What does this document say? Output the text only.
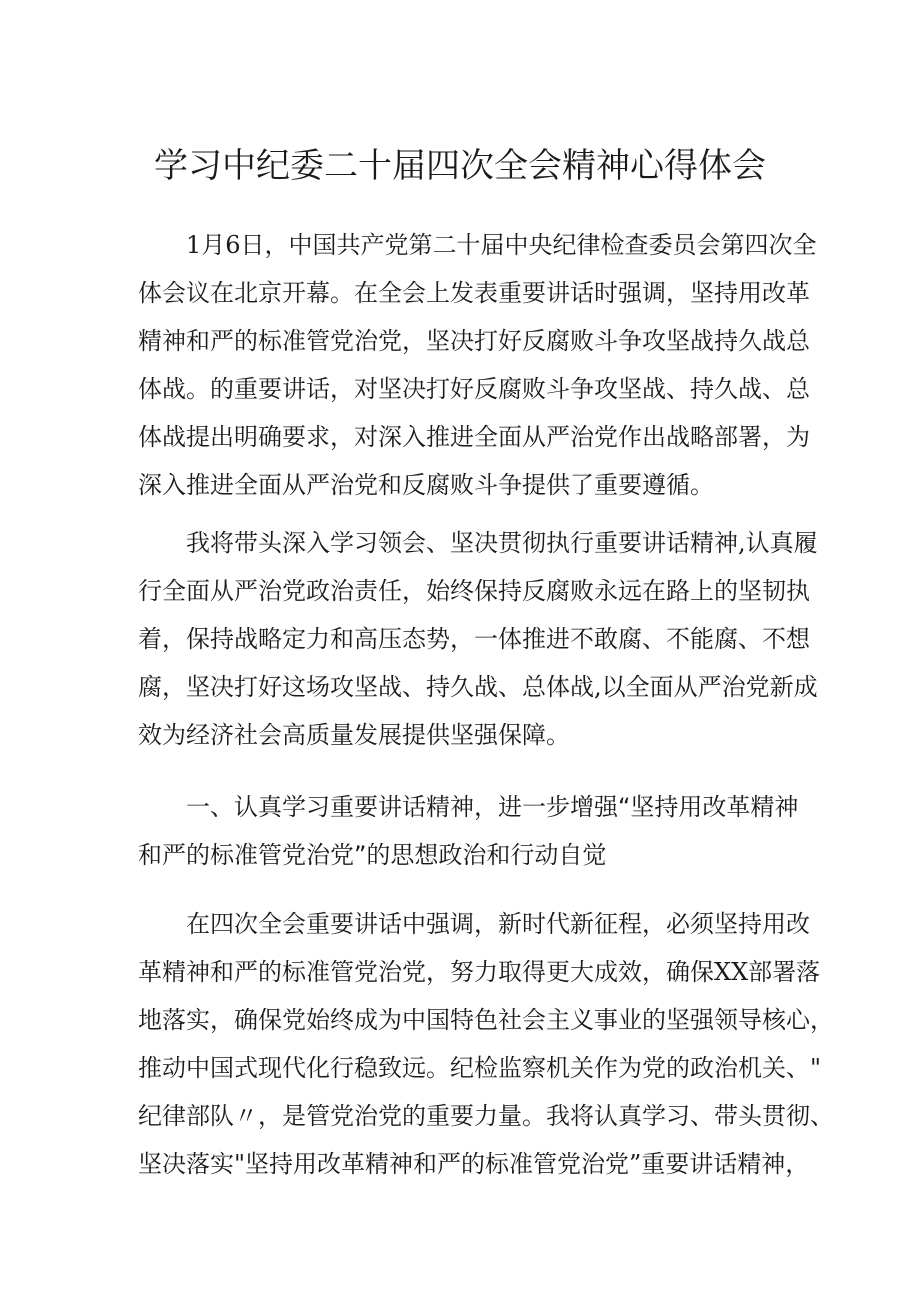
学习中纪委二十届四次全会精神心得体会
1月6日，中国共产党第二十届中央纪律检查委员会第四次全
体会议在北京开幕。在全会上发表重要讲话时强调，坚持用改革
精神和严的标准管党治党，坚决打好反腐败斗争攻坚战持久战总
体战。的重要讲话，对坚决打好反腐败斗争攻坚战、持久战、总
体战提出明确要求，对深入推进全面从严治党作出战略部署，为
深入推进全面从严治党和反腐败斗争提供了重要遵循。
我将带头深入学习领会、坚决贯彻执行重要讲话精神,认真履
行全面从严治党政治责任，始终保持反腐败永远在路上的坚韧执
着，保持战略定力和高压态势，一体推进不敢腐、不能腐、不想
腐，坚决打好这场攻坚战、持久战、总体战,以全面从严治党新成
效为经济社会高质量发展提供坚强保障。
一、认真学习重要讲话精神，进一步增强“坚持用改革精神
和严的标准管党治党”的思想政治和行动自觉
在四次全会重要讲话中强调，新时代新征程，必须坚持用改
革精神和严的标准管党治党，努力取得更大成效，确保XX部署落
地落实，确保党始终成为中国特色社会主义事业的坚强领导核心，
推动中国式现代化行稳致远。纪检监察机关作为党的政治机关、"
纪律部队〃，是管党治党的重要力量。我将认真学习、带头贯彻、
坚决落实"坚持用改革精神和严的标准管党治党”重要讲话精神，
